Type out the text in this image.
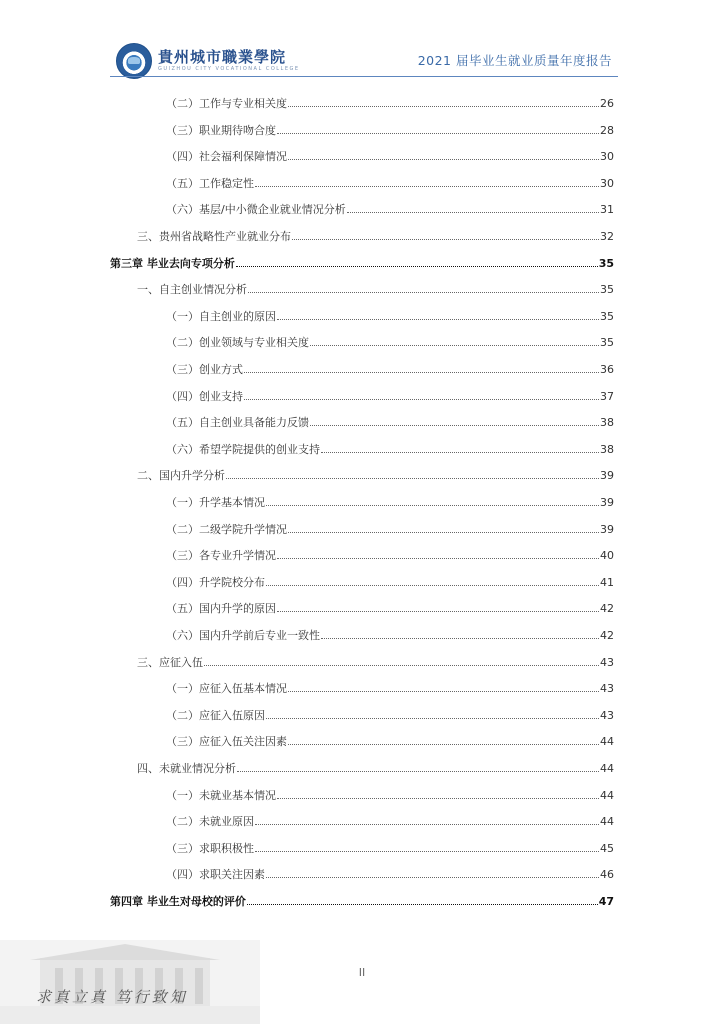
貴州城市職業學院
GUIZHOU CITY VOCATIONAL COLLEGE
2021 届毕业生就业质量年度报告
（二）工作与专业相关度	26
（三）职业期待吻合度	28
（四）社会福利保障情况	30
（五）工作稳定性	30
（六）基层/中小微企业就业情况分析	31
三、贵州省战略性产业就业分布	32
第三章 毕业去向专项分析	35
一、自主创业情况分析	35
（一）自主创业的原因	35
（二）创业领域与专业相关度	35
（三）创业方式	36
（四）创业支持	37
（五）自主创业具备能力反馈	38
（六）希望学院提供的创业支持	38
二、国内升学分析	39
（一）升学基本情况	39
（二）二级学院升学情况	39
（三）各专业升学情况	40
（四）升学院校分布	41
（五）国内升学的原因	42
（六）国内升学前后专业一致性	42
三、应征入伍	43
（一）应征入伍基本情况	43
（二）应征入伍原因	43
（三）应征入伍关注因素	44
四、未就业情况分析	44
（一）未就业基本情况	44
（二）未就业原因	44
（三）求职积极性	45
（四）求职关注因素	46
第四章 毕业生对母校的评价	47
求真立真 笃行致知
II
